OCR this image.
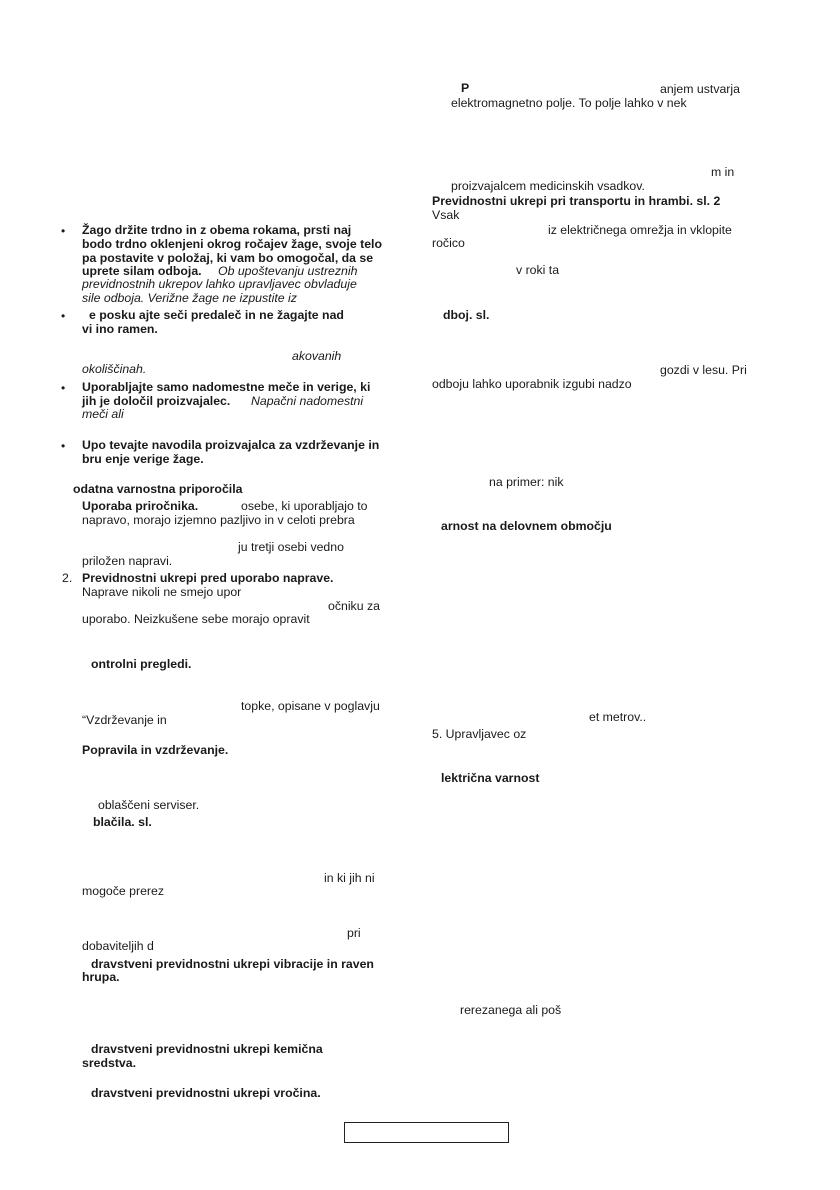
• Žago držite trdno in z obema rokama, prsti naj
bodo trdno oklenjeni okrog ročajev žage, svoje telo
pa postavite v položaj, ki vam bo omogočal, da se
uprete silam odboja. Ob upoštevanju ustreznih
previdnostnih ukrepov lahko upravljavec obvladuje
sile odboja. Verižne žage ne izpustite iz
• e posku ajte seči predaleč in ne žagajte nad
vi ino ramen.
akovanih
okoliščinah.
• Uporabljajte samo nadomestne meče in verige, ki
jih je določil proizvajalec. Napačni nadomestni
meči ali
• Upo tevajte navodila proizvajalca za vzdrževanje in
bru enje verige žage.
odatna varnostna priporočila
Uporaba priročnika.	osebe, ki uporabljajo to
napravo, morajo izjemno pazljivo in v celoti prebra
ju tretji osebi vedno
priložen napravi.
2. Previdnostni ukrepi pred uporabo naprave.
Naprave nikoli ne smejo upor
očniku za
uporabo. Neizkušene sebe morajo opravit
ontrolni pregledi.
topke, opisane v poglavju
“Vzdrževanje in
Popravila in vzdrževanje.
oblaščeni serviser.
blačila. sl.
in ki jih ni
mogoče prerez
pri
dobaviteljih d
dravstveni previdnostni ukrepi vibracije in raven
hrupa.
dravstveni previdnostni ukrepi kemična
sredstva.
dravstveni previdnostni ukrepi vročina.
P	anjem ustvarja
elektromagnetno polje. To polje lahko v nek
m in
proizvajalcem medicinskih vsadkov.
Previdnostni ukrepi pri transportu in hrambi. sl. 2
Vsak
iz električnega omrežja in vklopite
ročico
v roki ta
dboj. sl.
gozdi v lesu. Pri
odboju lahko uporabnik izgubi nadzo
na primer: nik
arnost na delovnem območju
et metrov..
5. Upravljavec oz
lektrična varnost
rerezanega ali poš
